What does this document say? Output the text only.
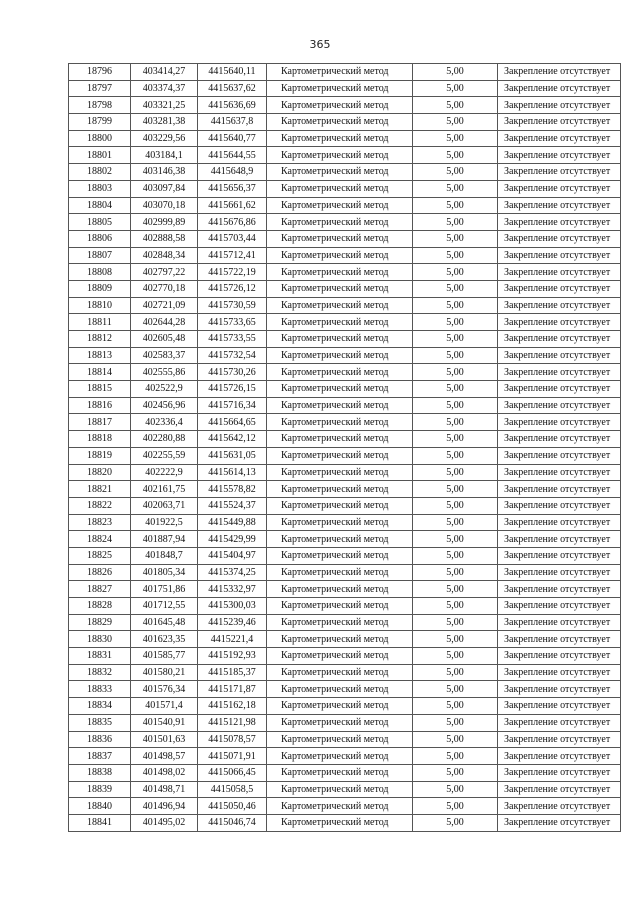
365
18796	403414,27	4415640,11	Картометрический метод	5,00	Закрепление отсутствует
18797	403374,37	4415637,62	Картометрический метод	5,00	Закрепление отсутствует
18798	403321,25	4415636,69	Картометрический метод	5,00	Закрепление отсутствует
18799	403281,38	4415637,8	Картометрический метод	5,00	Закрепление отсутствует
18800	403229,56	4415640,77	Картометрический метод	5,00	Закрепление отсутствует
18801	403184,1	4415644,55	Картометрический метод	5,00	Закрепление отсутствует
18802	403146,38	4415648,9	Картометрический метод	5,00	Закрепление отсутствует
18803	403097,84	4415656,37	Картометрический метод	5,00	Закрепление отсутствует
18804	403070,18	4415661,62	Картометрический метод	5,00	Закрепление отсутствует
18805	402999,89	4415676,86	Картометрический метод	5,00	Закрепление отсутствует
18806	402888,58	4415703,44	Картометрический метод	5,00	Закрепление отсутствует
18807	402848,34	4415712,41	Картометрический метод	5,00	Закрепление отсутствует
18808	402797,22	4415722,19	Картометрический метод	5,00	Закрепление отсутствует
18809	402770,18	4415726,12	Картометрический метод	5,00	Закрепление отсутствует
18810	402721,09	4415730,59	Картометрический метод	5,00	Закрепление отсутствует
18811	402644,28	4415733,65	Картометрический метод	5,00	Закрепление отсутствует
18812	402605,48	4415733,55	Картометрический метод	5,00	Закрепление отсутствует
18813	402583,37	4415732,54	Картометрический метод	5,00	Закрепление отсутствует
18814	402555,86	4415730,26	Картометрический метод	5,00	Закрепление отсутствует
18815	402522,9	4415726,15	Картометрический метод	5,00	Закрепление отсутствует
18816	402456,96	4415716,34	Картометрический метод	5,00	Закрепление отсутствует
18817	402336,4	4415664,65	Картометрический метод	5,00	Закрепление отсутствует
18818	402280,88	4415642,12	Картометрический метод	5,00	Закрепление отсутствует
18819	402255,59	4415631,05	Картометрический метод	5,00	Закрепление отсутствует
18820	402222,9	4415614,13	Картометрический метод	5,00	Закрепление отсутствует
18821	402161,75	4415578,82	Картометрический метод	5,00	Закрепление отсутствует
18822	402063,71	4415524,37	Картометрический метод	5,00	Закрепление отсутствует
18823	401922,5	4415449,88	Картометрический метод	5,00	Закрепление отсутствует
18824	401887,94	4415429,99	Картометрический метод	5,00	Закрепление отсутствует
18825	401848,7	4415404,97	Картометрический метод	5,00	Закрепление отсутствует
18826	401805,34	4415374,25	Картометрический метод	5,00	Закрепление отсутствует
18827	401751,86	4415332,97	Картометрический метод	5,00	Закрепление отсутствует
18828	401712,55	4415300,03	Картометрический метод	5,00	Закрепление отсутствует
18829	401645,48	4415239,46	Картометрический метод	5,00	Закрепление отсутствует
18830	401623,35	4415221,4	Картометрический метод	5,00	Закрепление отсутствует
18831	401585,77	4415192,93	Картометрический метод	5,00	Закрепление отсутствует
18832	401580,21	4415185,37	Картометрический метод	5,00	Закрепление отсутствует
18833	401576,34	4415171,87	Картометрический метод	5,00	Закрепление отсутствует
18834	401571,4	4415162,18	Картометрический метод	5,00	Закрепление отсутствует
18835	401540,91	4415121,98	Картометрический метод	5,00	Закрепление отсутствует
18836	401501,63	4415078,57	Картометрический метод	5,00	Закрепление отсутствует
18837	401498,57	4415071,91	Картометрический метод	5,00	Закрепление отсутствует
18838	401498,02	4415066,45	Картометрический метод	5,00	Закрепление отсутствует
18839	401498,71	4415058,5	Картометрический метод	5,00	Закрепление отсутствует
18840	401496,94	4415050,46	Картометрический метод	5,00	Закрепление отсутствует
18841	401495,02	4415046,74	Картометрический метод	5,00	Закрепление отсутствует
